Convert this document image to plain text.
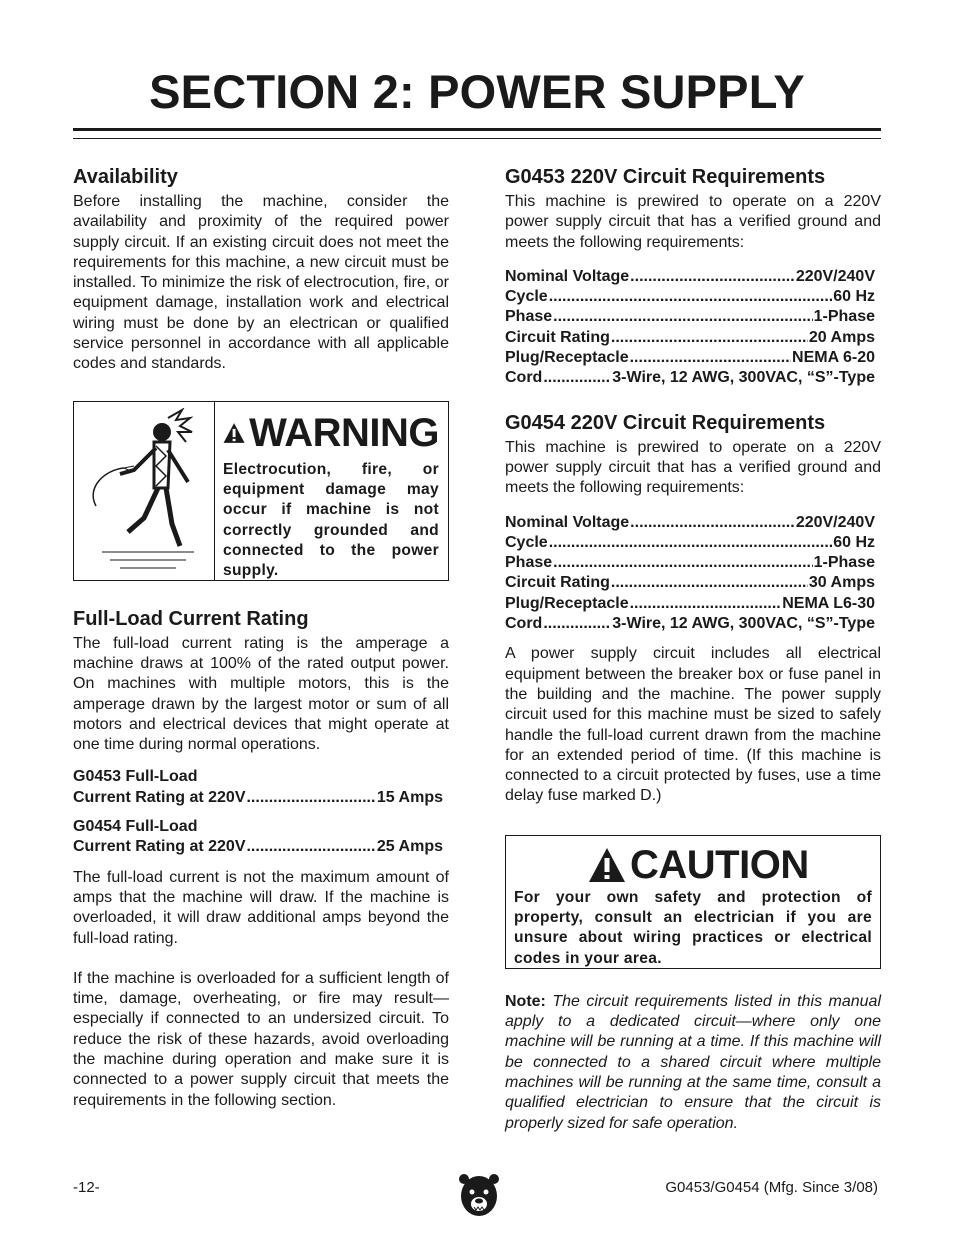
SECTION 2: POWER SUPPLY
Availability

Before installing the machine, consider the availability and proximity of the required power supply circuit. If an existing circuit does not meet the requirements for this machine, a new circuit must be installed. To minimize the risk of electrocution, fire, or equipment damage, installation work and electrical wiring must be done by an electrican or qualified service personnel in accordance with all applicable codes and standards.

WARNING
Electrocution, fire, or equipment damage may occur if machine is not correctly grounded and connected to the power supply.
Full-Load Current Rating

The full-load current rating is the amperage a machine draws at 100% of the rated output power. On machines with multiple motors, this is the amperage drawn by the largest motor or sum of all motors and electrical devices that might operate at one time during normal operations.

G0453 Full-Load
Current Rating at 220V .....	15 Amps
G0454 Full-Load
Current Rating at 220V .....	25 Amps

The full-load current is not the maximum amount of amps that the machine will draw. If the machine is overloaded, it will draw additional amps beyond the full-load rating.

If the machine is overloaded for a sufficient length of time, damage, overheating, or fire may result—especially if connected to an undersized circuit. To reduce the risk of these hazards, avoid overloading the machine during operation and make sure it is connected to a power supply circuit that meets the requirements in the following section.

G0453 220V Circuit Requirements

This machine is prewired to operate on a 220V power supply circuit that has a verified ground and meets the following requirements:

Nominal Voltage .....	220V/240V
Cycle .....	60 Hz
Phase .....	1-Phase
Circuit Rating .....	20 Amps
Plug/Receptacle .....	NEMA 6-20
Cord .....	3-Wire, 12 AWG, 300VAC, “S”-Type
G0454 220V Circuit Requirements

This machine is prewired to operate on a 220V power supply circuit that has a verified ground and meets the following requirements:

Nominal Voltage .....	220V/240V
Cycle .....	60 Hz
Phase .....	1-Phase
Circuit Rating .....	30 Amps
Plug/Receptacle .....	NEMA L6-30
Cord .....	3-Wire, 12 AWG, 300VAC, “S”-Type

A power supply circuit includes all electrical equipment between the breaker box or fuse panel in the building and the machine. The power supply circuit used for this machine must be sized to safely handle the full-load current drawn from the machine for an extended period of time. (If this machine is connected to a circuit protected by fuses, use a time delay fuse marked D.)

CAUTION
For your own safety and protection of property, consult an electrician if you are unsure about wiring practices or electrical codes in your area.

Note: The circuit requirements listed in this manual apply to a dedicated circuit—where only one machine will be running at a time. If this machine will be connected to a shared circuit where multiple machines will be running at the same time, consult a qualified electrician to ensure that the circuit is properly sized for safe operation.

-12-	G0453/G0454 (Mfg. Since 3/08)
